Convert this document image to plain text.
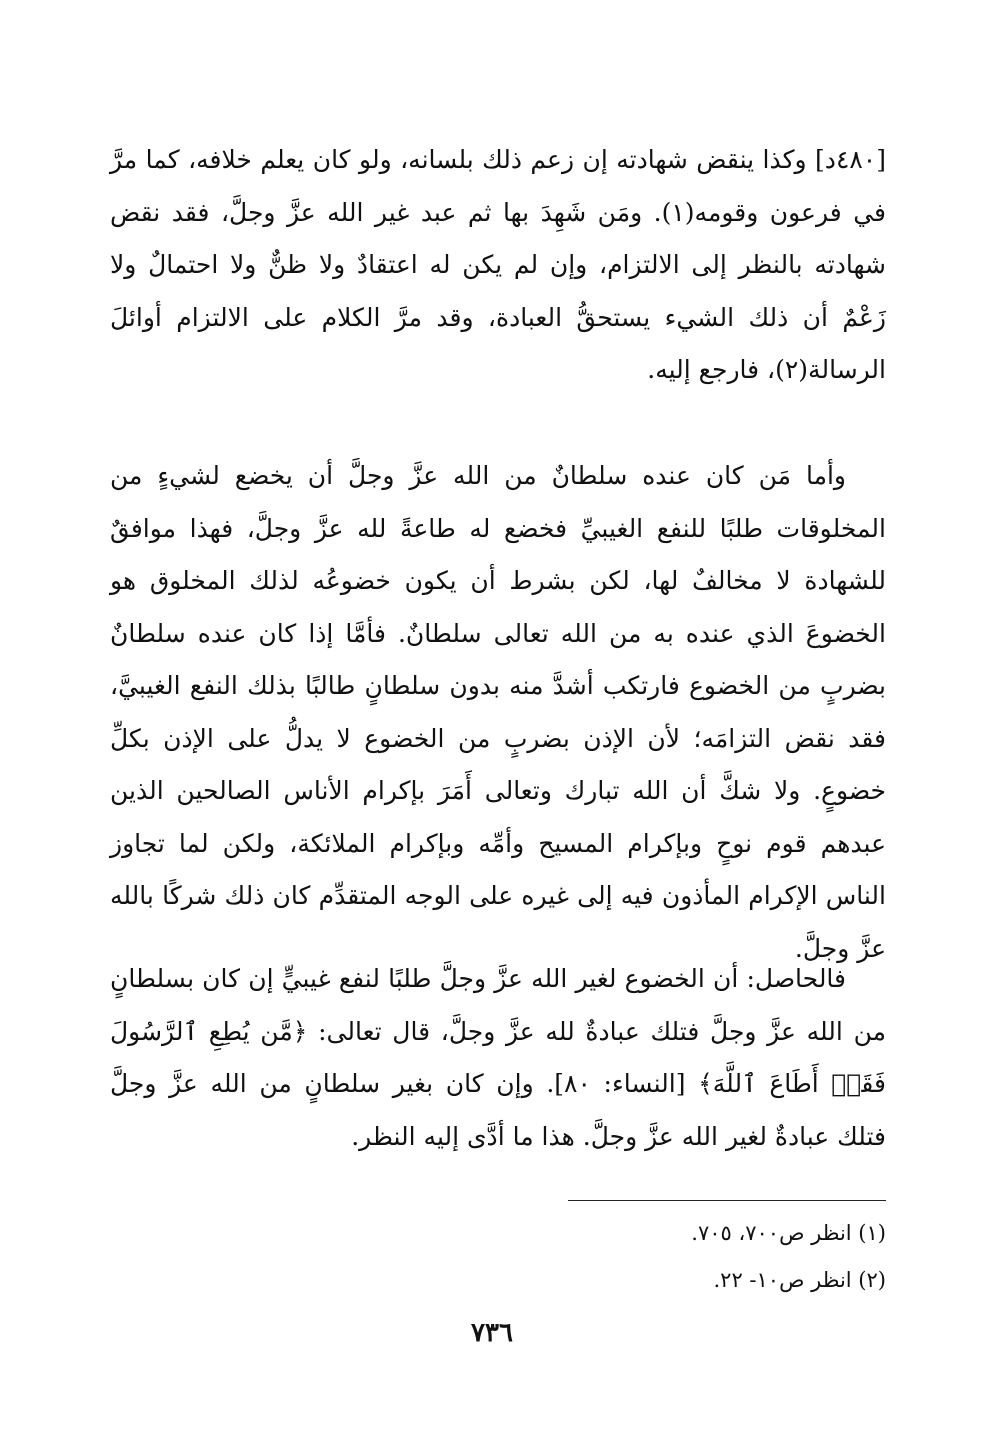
[٤٨٠د] وكذا ينقض شهادته إن زعم ذلك بلسانه، ولو كان يعلم خلافه، كما مرَّ في فرعون وقومه(١). ومَن شَهِدَ بها ثم عبد غير الله عزَّ وجلَّ، فقد نقض شهادته بالنظر إلى الالتزام، وإن لم يكن له اعتقادٌ ولا ظنٌّ ولا احتمالٌ ولا زَعْمٌ أن ذلك الشيء يستحقُّ العبادة، وقد مرَّ الكلام على الالتزام أوائلَ الرسالة(٢)، فارجع إليه.

وأما مَن كان عنده سلطانٌ من الله عزَّ وجلَّ أن يخضع لشيءٍ من المخلوقات طلبًا للنفع الغيبيِّ فخضع له طاعةً لله عزَّ وجلَّ، فهذا موافقٌ للشهادة لا مخالفٌ لها، لكن بشرط أن يكون خضوعُه لذلك المخلوق هو الخضوعَ الذي عنده به من الله تعالى سلطانٌ. فأمَّا إذا كان عنده سلطانٌ بضربٍ من الخضوع فارتكب أشدَّ منه بدون سلطانٍ طالبًا بذلك النفع الغيبيَّ، فقد نقض التزامَه؛ لأن الإذن بضربٍ من الخضوع لا يدلُّ على الإذن بكلِّ خضوعٍ. ولا شكَّ أن الله تبارك وتعالى أَمَرَ بإكرام الأناس الصالحين الذين عبدهم قوم نوحٍ وبإكرام المسيح وأمِّه وبإكرام الملائكة، ولكن لما تجاوز الناس الإكرام المأذون فيه إلى غيره على الوجه المتقدِّم كان ذلك شركًا بالله عزَّ وجلَّ.

فالحاصل: أن الخضوع لغير الله عزَّ وجلَّ طلبًا لنفع غيبيٍّ إن كان بسلطانٍ من الله عزَّ وجلَّ فتلك عبادةٌ لله عزَّ وجلَّ، قال تعالى: ﴿مَّن يُطِعِ ٱلرَّسُولَ فَقَدۡ أَطَاعَ ٱللَّهَ﴾ [النساء: ٨٠]. وإن كان بغير سلطانٍ من الله عزَّ وجلَّ فتلك عبادةٌ لغير الله عزَّ وجلَّ. هذا ما أدَّى إليه النظر.

(١) انظر ص٧٠٠، ٧٠٥.

(٢) انظر ص١٠- ٢٢.

٧٣٦
